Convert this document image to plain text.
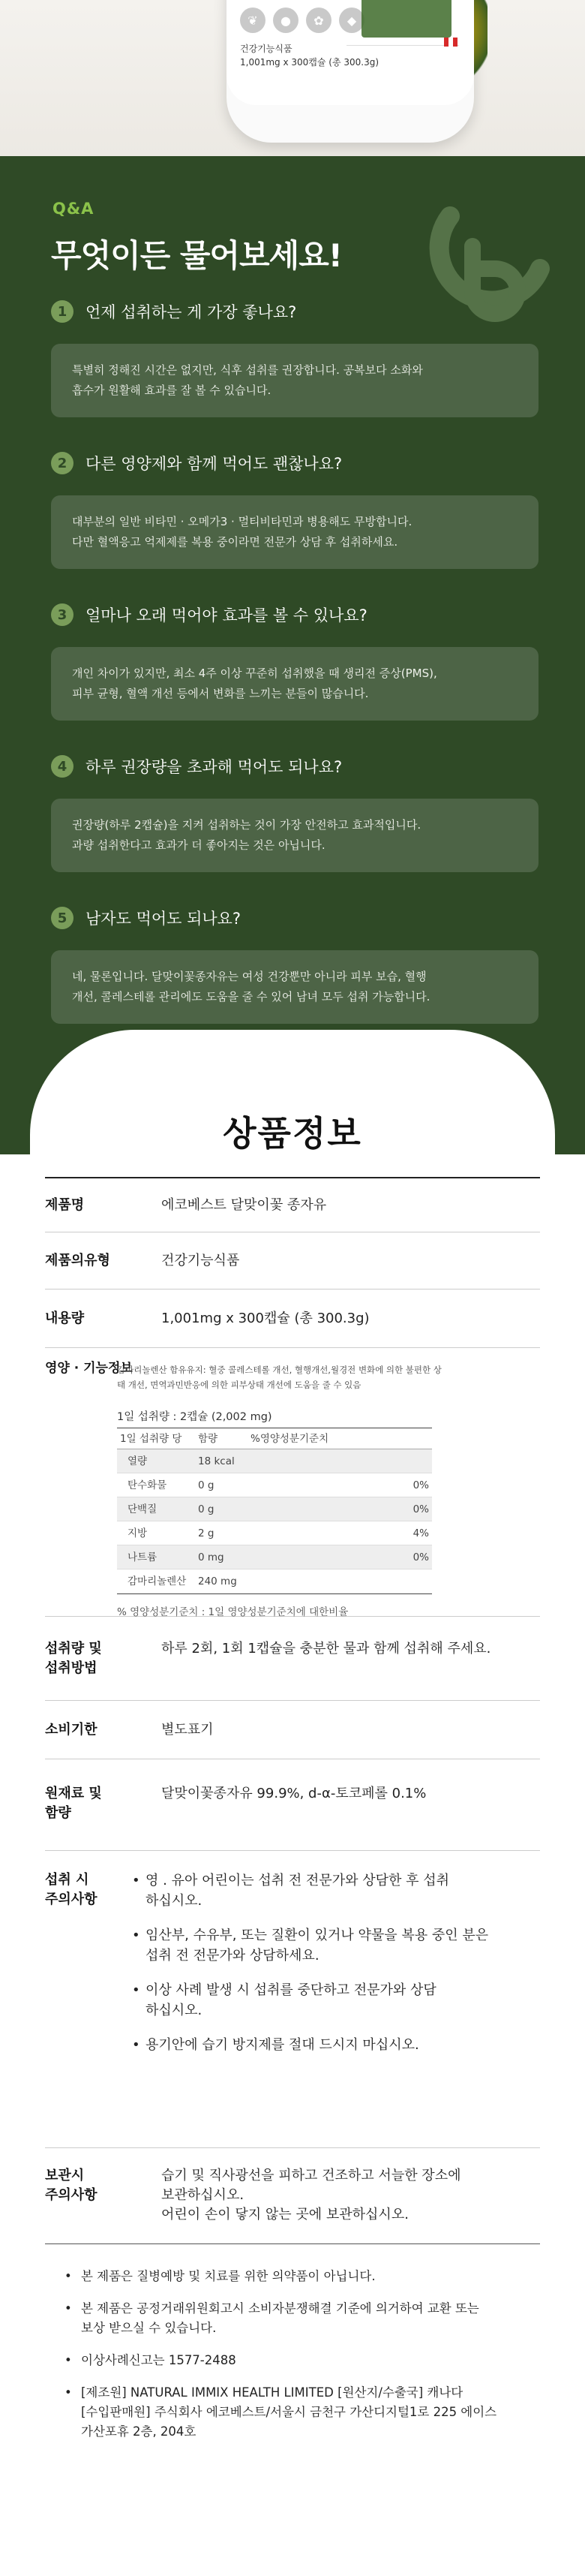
❦	●	✿	◆
건강기능식품
1,001mg x 300캡슐 (총 300.3g)
Q&A
무엇이든 물어보세요!
1	언제 섭취하는 게 가장 좋나요?
특별히 정해진 시간은 없지만, 식후 섭취를 권장합니다. 공복보다 소화와
흡수가 원활해 효과를 잘 볼 수 있습니다.
2	다른 영양제와 함께 먹어도 괜찮나요?
대부분의 일반 비타민 · 오메가3 · 멀티비타민과 병용해도 무방합니다.
다만 혈액응고 억제제를 복용 중이라면 전문가 상담 후 섭취하세요.
3	얼마나 오래 먹어야 효과를 볼 수 있나요?
개인 차이가 있지만, 최소 4주 이상 꾸준히 섭취했을 때 생리전 증상(PMS),
피부 균형, 혈액 개선 등에서 변화를 느끼는 분들이 많습니다.
4	하루 권장량을 초과해 먹어도 되나요?
권장량(하루 2캡슐)을 지켜 섭취하는 것이 가장 안전하고 효과적입니다.
과량 섭취한다고 효과가 더 좋아지는 것은 아닙니다.
5	남자도 먹어도 되나요?
네, 물론입니다. 달맞이꽃종자유는 여성 건강뿐만 아니라 피부 보습, 혈행
개선, 콜레스테롤 관리에도 도움을 줄 수 있어 남녀 모두 섭취 가능합니다.
상품정보
제품명	에코베스트 달맞이꽃 종자유
제품의유형	건강기능식품
내용량	1,001mg x 300캡슐 (총 300.3g)
영양 · 기능정보
감마리놀렌산 함유유지: 혈중 콜레스테롤 개선, 혈행개선,월경전 변화에 의한 불편한 상
태 개선, 면역과민반응에 의한 피부상태 개선에 도움을 줄 수 있음
1일 섭취량 : 2캡슐 (2,002 mg)
1일 섭취량 당	함량	%영양성분기준치
열량	18 kcal
탄수화물	0 g	0%
단백질	0 g	0%
지방	2 g	4%
나트륨	0 mg	0%
감마리놀렌산	240 mg
% 영양성분기준치 : 1일 영양성분기준치에 대한비율
섭취량 및
섭취방법
하루 2회, 1회 1캡슐을 충분한 물과 함께 섭취해 주세요.
소비기한	별도표기
원재료 및
함량
달맞이꽃종자유 99.9%, d-α-토코페롤 0.1%
섭취 시
주의사항
• 영 . 유아 어린이는 섭취 전 전문가와 상담한 후 섭취
하십시오.
• 임산부, 수유부, 또는 질환이 있거나 약물을 복용 중인 분은
섭취 전 전문가와 상담하세요.
• 이상 사례 발생 시 섭취를 중단하고 전문가와 상담
하십시오.
• 용기안에 습기 방지제를 절대 드시지 마십시오.
보관시
주의사항
습기 및 직사광선을 피하고 건조하고 서늘한 장소에
보관하십시오.
어린이 손이 닿지 않는 곳에 보관하십시오.
• 본 제품은 질병예방 및 치료를 위한 의약품이 아닙니다.
• 본 제품은 공정거래위원회고시 소비자분쟁해결 기준에 의거하여 교환 또는
보상 받으실 수 있습니다.
• 이상사례신고는 1577-2488
• [제조원] NATURAL IMMIX HEALTH LIMITED [원산지/수출국] 캐나다
[수입판매원] 주식회사 에코베스트/서울시 금천구 가산디지털1로 225 에이스
가산포휴 2층, 204호
